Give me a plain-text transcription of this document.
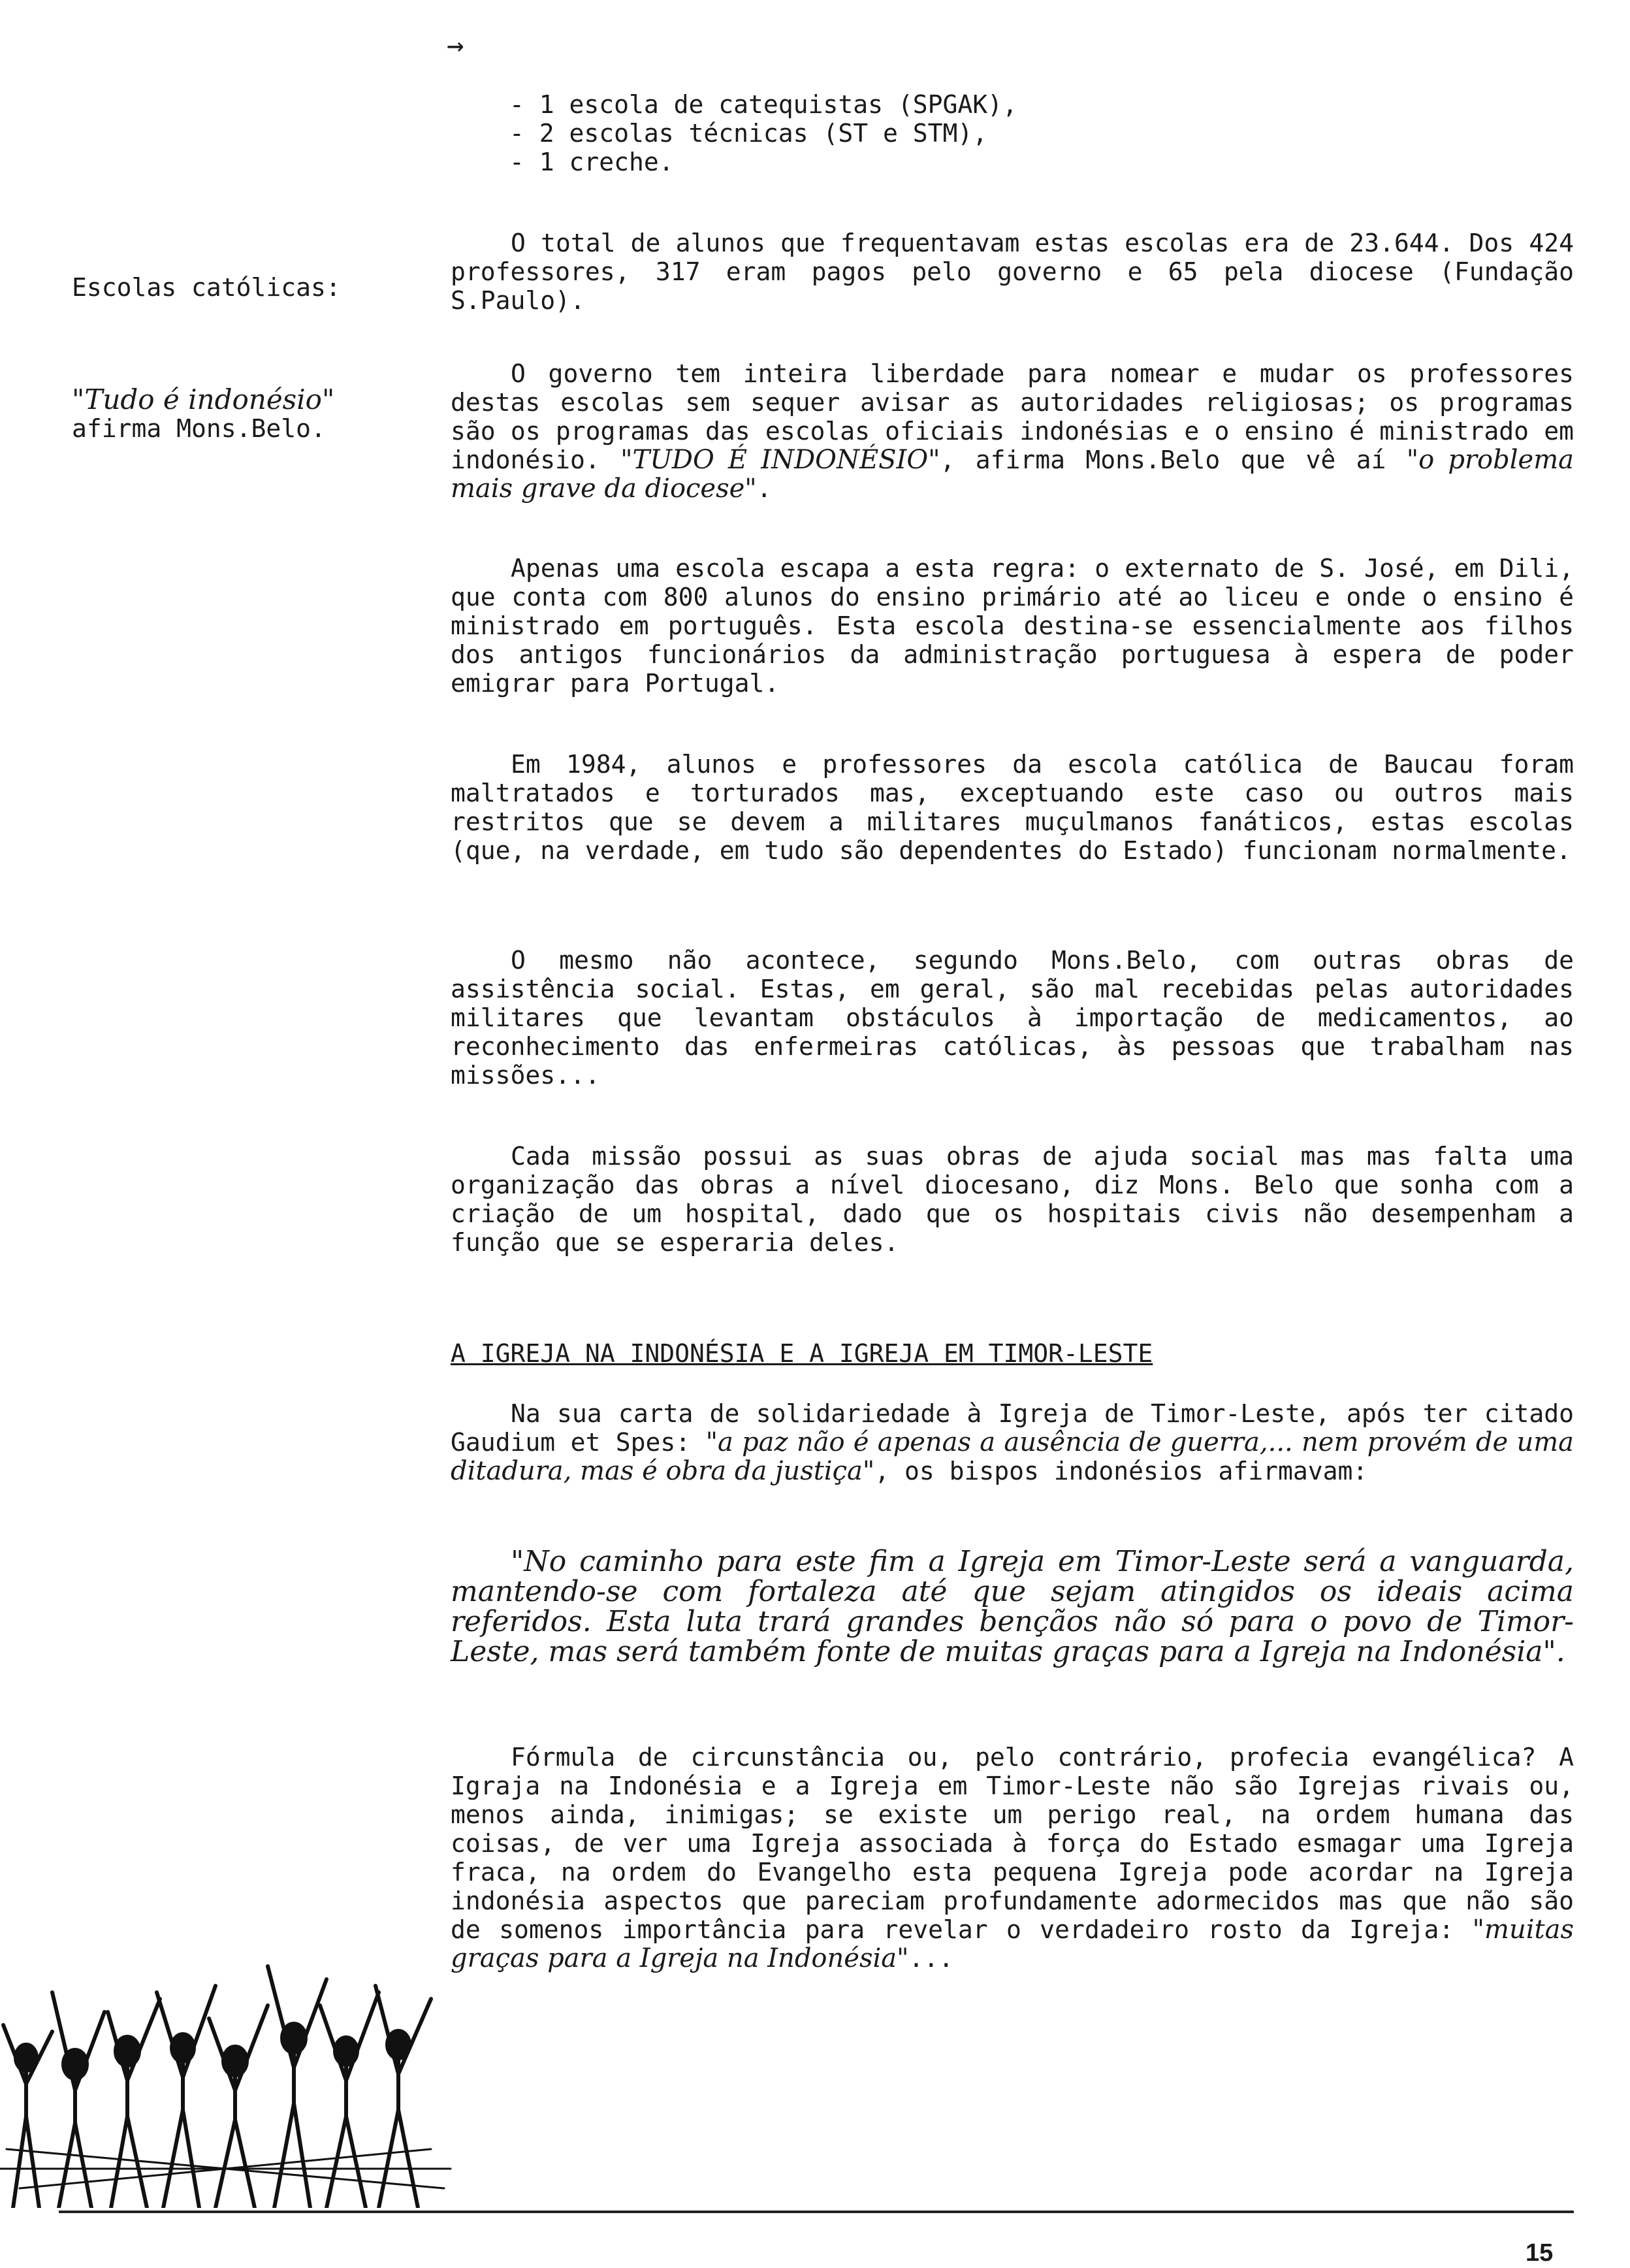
→
- 1 escola de catequistas (SPGAK),
- 2 escolas técnicas (ST e STM),
- 1 creche.
Escolas católicas:
"Tudo é indonésio"
afirma Mons.Belo.

O total de alunos que frequentavam estas escolas era de 23.644. Dos 424 professores, 317 eram pagos pelo governo e 65 pela diocese (Fundação S.Paulo).

O governo tem inteira liberdade para nomear e mudar os professores destas escolas sem sequer avisar as autoridades religiosas; os programas são os programas das escolas oficiais indonésias e o ensino é ministrado em indonésio. "TUDO É INDONÉSIO", afirma Mons.Belo que vê aí "o problema mais grave da diocese".

Apenas uma escola escapa a esta regra: o externato de S. José, em Dili, que conta com 800 alunos do ensino primário até ao liceu e onde o ensino é ministrado em português. Esta escola destina-se essencialmente aos filhos dos antigos funcionários da administração portuguesa à espera de poder emigrar para Portugal.

Em 1984, alunos e professores da escola católica de Baucau foram maltratados e torturados mas, exceptuando este caso ou outros mais restritos que se devem a militares muçulmanos fanáticos, estas escolas (que, na verdade, em tudo são dependentes do Estado) funcionam normalmente.

O mesmo não acontece, segundo Mons.Belo, com outras obras de assistência social. Estas, em geral, são mal recebidas pelas autoridades militares que levantam obstáculos à importação de medicamentos, ao reconhecimento das enfermeiras católicas, às pessoas que trabalham nas missões...

Cada missão possui as suas obras de ajuda social mas mas falta uma organização das obras a nível diocesano, diz Mons. Belo que sonha com a criação de um hospital, dado que os hospitais civis não desempenham a função que se esperaria deles.

A IGREJA NA INDONÉSIA E A IGREJA EM TIMOR-LESTE

Na sua carta de solidariedade à Igreja de Timor-Leste, após ter citado Gaudium et Spes: "a paz não é apenas a ausência de guerra,... nem provém de uma ditadura, mas é obra da justiça", os bispos indonésios afirmavam:

"No caminho para este fim a Igreja em Timor-Leste será a vanguarda, mantendo-se com fortaleza até que sejam atingidos os ideais acima referidos. Esta luta trará grandes bençãos não só para o povo de Timor-Leste, mas será também fonte de muitas graças para a Igreja na Indonésia".

Fórmula de circunstância ou, pelo contrário, profecia evangélica? A Igraja na Indonésia e a Igreja em Timor-Leste não são Igrejas rivais ou, menos ainda, inimigas; se existe um perigo real, na ordem humana das coisas, de ver uma Igreja associada à força do Estado esmagar uma Igreja fraca, na ordem do Evangelho esta pequena Igreja pode acordar na Igreja indonésia aspectos que pareciam profundamente adormecidos mas que não são de somenos importância para revelar o verdadeiro rosto da Igreja: "muitas graças para a Igreja na Indonésia"...

15
